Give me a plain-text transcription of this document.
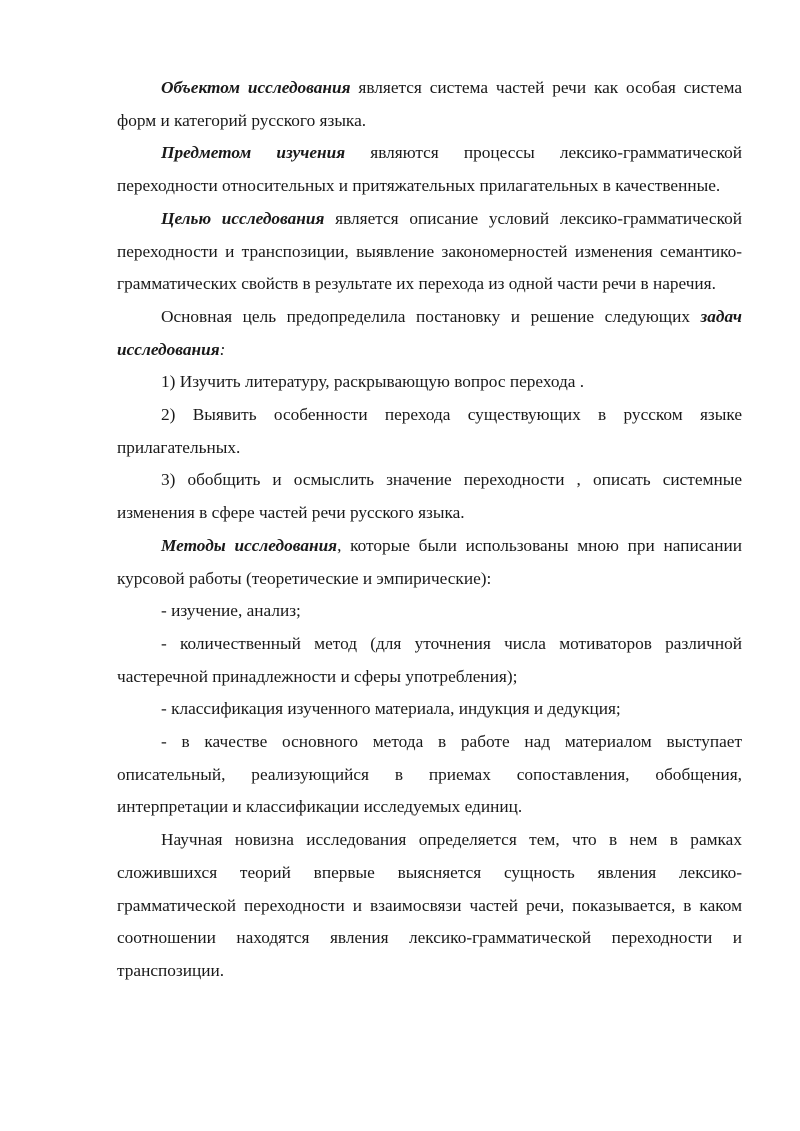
Объектом исследования является система частей речи как особая система форм и категорий русского языка.

Предметом изучения являются процессы лексико-грамматической переходности относительных и притяжательных прилагательных в качественные.

Целью исследования является описание условий лексико-грамматической переходности и транспозиции, выявление закономерностей изменения семантико-грамматических свойств в результате их перехода из одной части речи в наречия.

Основная цель предопределила постановку и решение следующих задач исследования:

1) Изучить литературу, раскрывающую вопрос перехода .

2) Выявить особенности перехода существующих в русском языке прилагательных.

3) обобщить и осмыслить значение переходности , описать системные изменения в сфере частей речи русского языка.

Методы исследования, которые были использованы мною при написании курсовой работы (теоретические и эмпирические):

- изучение, анализ;

- количественный метод (для уточнения числа мотиваторов различной частеречной принадлежности и сферы употребления);

- классификация изученного материала, индукция и дедукция;

- в качестве основного метода в работе над материалом выступает описательный, реализующийся в приемах сопоставления, обобщения, интерпретации и классификации исследуемых единиц.

Научная новизна исследования определяется тем, что в нем в рамках сложившихся теорий впервые выясняется сущность явления лексико-грамматической переходности и взаимосвязи частей речи, показывается, в каком соотношении находятся явления лексико-грамматической переходности и транспозиции.
